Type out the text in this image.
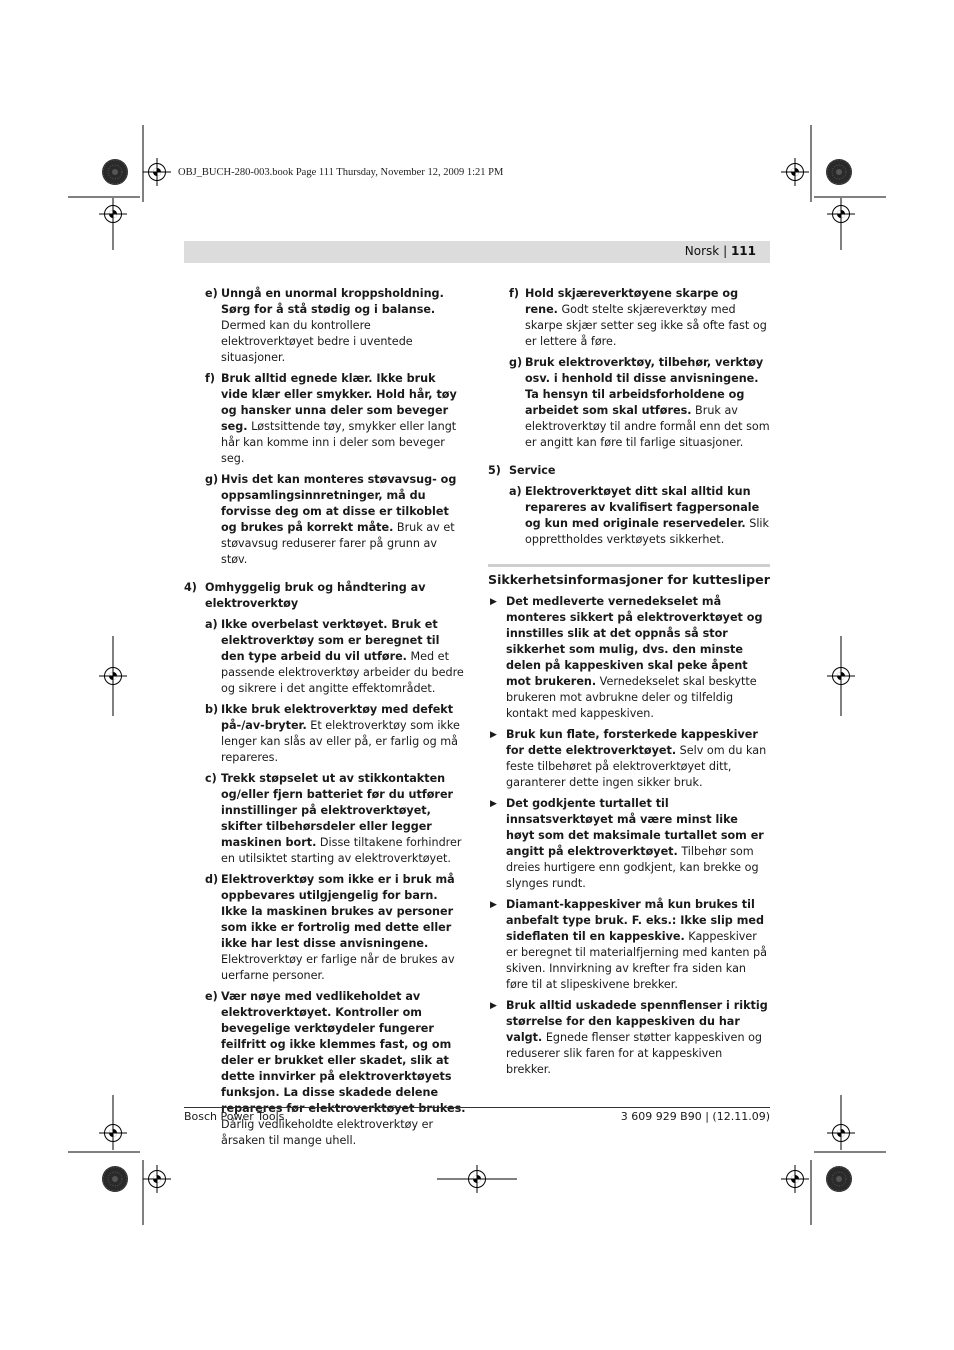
OBJ_BUCH-280-003.book Page 111 Thursday, November 12, 2009 1:21 PM
Norsk | 111
e) Unngå en unormal kroppsholdning. Sørg for å stå stødig og i balanse. Dermed kan du kontrollere elektroverktøyet bedre i uventede situasjoner.
f) Bruk alltid egnede klær. Ikke bruk vide klær eller smykker. Hold hår, tøy og hansker unna deler som beveger seg. Løstsittende tøy, smykker eller langt hår kan komme inn i deler som beveger seg.
g) Hvis det kan monteres støvavsug- og oppsamlingsinnretninger, må du forvisse deg om at disse er tilkoblet og brukes på korrekt måte. Bruk av et støvavsug reduserer farer på grunn av støv.
4) Omhyggelig bruk og håndtering av elektroverktøy
a) Ikke overbelast verktøyet. Bruk et elektroverktøy som er beregnet til den type arbeid du vil utføre. Med et passende elektroverktøy arbeider du bedre og sikrere i det angitte effektområdet.
b) Ikke bruk elektroverktøy med defekt på-/av-bryter. Et elektroverktøy som ikke lenger kan slås av eller på, er farlig og må repareres.
c) Trekk støpselet ut av stikkontakten og/eller fjern batteriet før du utfører innstillinger på elektroverktøyet, skifter tilbehørsdeler eller legger maskinen bort. Disse tiltakene forhindrer en utilsiktet starting av elektroverktøyet.
d) Elektroverktøy som ikke er i bruk må oppbevares utilgjengelig for barn. Ikke la maskinen brukes av personer som ikke er fortrolig med dette eller ikke har lest disse anvisningene. Elektroverktøy er farlige når de brukes av uerfarne personer.
e) Vær nøye med vedlikeholdet av elektroverktøyet. Kontroller om bevegelige verktøydeler fungerer feilfritt og ikke klemmes fast, og om deler er brukket eller skadet, slik at dette innvirker på elektroverktøyets funksjon. La disse skadede delene repareres før elektroverktøyet brukes. Dårlig vedlikeholdte elektroverktøy er årsaken til mange uhell.
f) Hold skjæreverktøyene skarpe og rene. Godt stelte skjæreverktøy med skarpe skjær setter seg ikke så ofte fast og er lettere å føre.
g) Bruk elektroverktøy, tilbehør, verktøy osv. i henhold til disse anvisningene. Ta hensyn til arbeidsforholdene og arbeidet som skal utføres. Bruk av elektroverktøy til andre formål enn det som er angitt kan føre til farlige situasjoner.
5) Service
a) Elektroverktøyet ditt skal alltid kun repareres av kvalifisert fagpersonale og kun med originale reservedeler. Slik opprettholdes verktøyets sikkerhet.
Sikkerhetsinformasjoner for kuttesliper
▶ Det medleverte vernedekselet må monteres sikkert på elektroverktøyet og innstilles slik at det oppnås så stor sikkerhet som mulig, dvs. den minste delen på kappeskiven skal peke åpent mot brukeren. Vernedekselet skal beskytte brukeren mot avbrukne deler og tilfeldig kontakt med kappeskiven.
▶ Bruk kun flate, forsterkede kappeskiver for dette elektroverktøyet. Selv om du kan feste tilbehøret på elektroverktøyet ditt, garanterer dette ingen sikker bruk.
▶ Det godkjente turtallet til innsatsverktøyet må være minst like høyt som det maksimale turtallet som er angitt på elektroverktøyet. Tilbehør som dreies hurtigere enn godkjent, kan brekke og slynges rundt.
▶ Diamant-kappeskiver må kun brukes til anbefalt type bruk. F. eks.: Ikke slip med sideflaten til en kappeskive. Kappeskiver er beregnet til materialfjerning med kanten på skiven. Innvirkning av krefter fra siden kan føre til at slipeskivene brekker.
▶ Bruk alltid uskadede spennflenser i riktig størrelse for den kappeskiven du har valgt. Egnede flenser støtter kappeskiven og reduserer slik faren for at kappeskiven brekker.
Bosch Power Tools	3 609 929 B90 | (12.11.09)
